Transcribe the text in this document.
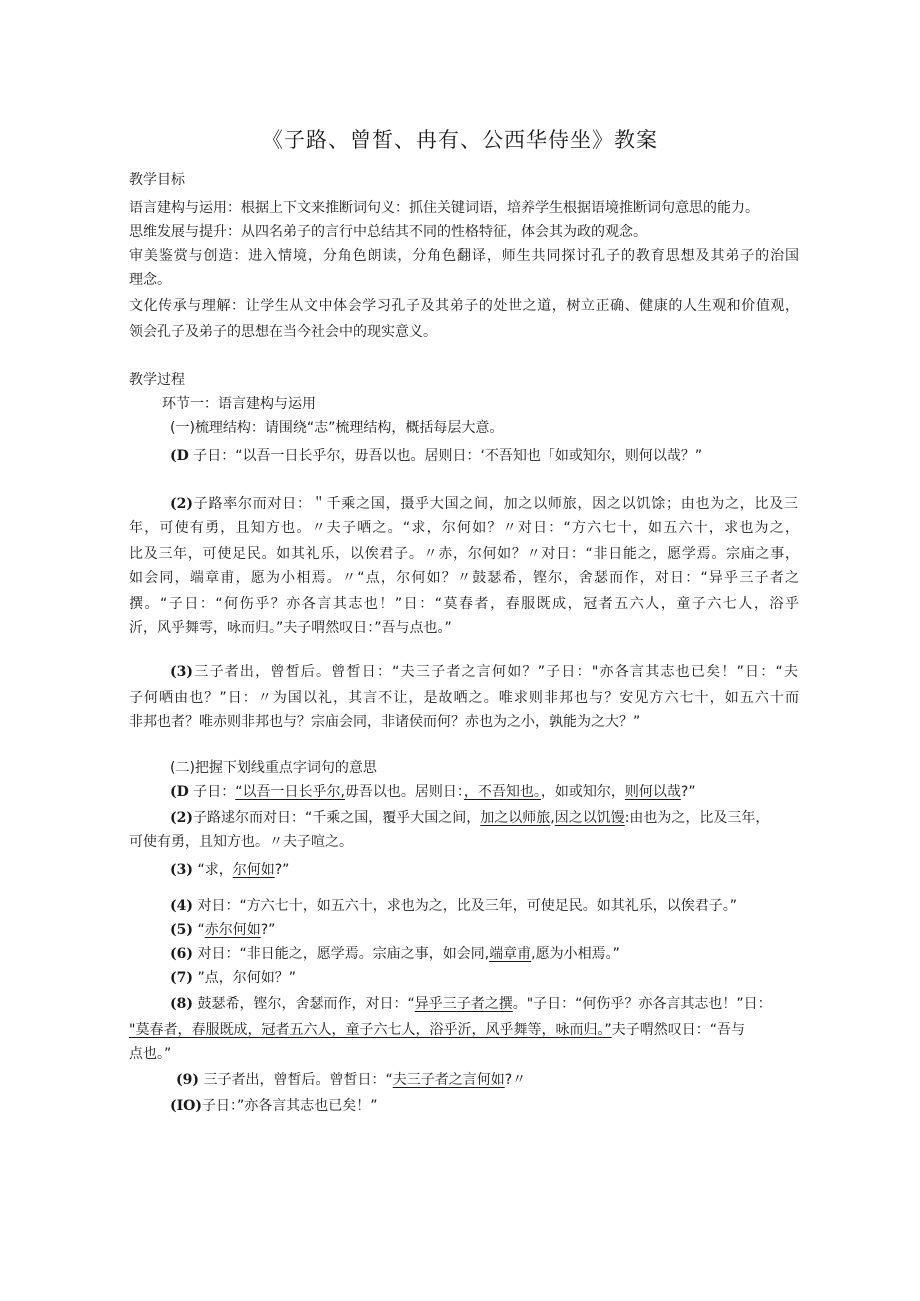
《子路、曾皙、冉有、公西华侍坐》教案
教学目标
语言建构与运用：根据上下文来推断词句义：抓住关键词语，培养学生根据语境推断词句意思的能力。
思维发展与提升：从四名弟子的言行中总结其不同的性格特征，体会其为政的观念。
审美鉴赏与创造：进入情境，分角色朗读，分角色翻译，师生共同探讨孔子的教育思想及其弟子的治国
理念。
文化传承与理解：让学生从文中体会学习孔子及其弟子的处世之道，树立正确、健康的人生观和价值观，
领会孔子及弟子的思想在当今社会中的现实意义。
教学过程
环节一：语言建构与运用
(一)梳理结构：请围绕“志”梳理结构，概括每层大意。
(D 子日：“以吾一日长乎尔，毋吾以也。居则日：‘不吾知也「如或知尔，则何以哉？”
(2)子路率尔而对日：＂千乘之国，摄乎大国之间，加之以师旅，因之以饥馀；由也为之，比及三
年，可使有勇，且知方也。〃夫子哂之。“求，尔何如？〃对日：“方六七十，如五六十，求也为之，
比及三年，可使足民。如其礼乐，以俟君子。〃赤，尔何如？〃对日：“非日能之，愿学焉。宗庙之事，
如会同，端章甫，愿为小相焉。〃“点，尔何如？〃鼓瑟希，铿尔，舍瑟而作，对日：“异乎三子者之
撰。“子日：“何伤乎？亦各言其志也！”日：“莫春者，春服既成，冠者五六人，童子六七人，浴乎
沂，风乎舞雩，咏而归。”夫子喟然叹日：”吾与点也。”
(3)三子者出，曾皙后。曾皙日：“夫三子者之言何如？”子日："亦各言其志也已矣！”日：“夫
子何哂由也？”日：〃为国以礼，其言不让，是故哂之。唯求则非邦也与？安见方六七十，如五六十而
非邦也者？唯赤则非邦也与？宗庙会同，非诸侯而何？赤也为之小，孰能为之大？”
(二)把握下划线重点字词句的意思
(D 子日：“以吾一日长乎尔,毋吾以也。居则日：，不吾知也。，如或知尔，则何以哉?”
(2)子路逑尔而对日：“千乘之国，覆乎大国之间，加之以师旅,因之以饥馒:由也为之，比及三年，
可使有勇，且知方也。〃夫子喧之。
(3) “求，尔何如?”
(4) 对日：“方六七十，如五六十，求也为之，比及三年，可使足民。如其礼乐，以俟君子。”
(5) “赤尔何如?”
(6) 对日：“非日能之，愿学焉。宗庙之事，如会同,端章甫,愿为小相焉。”
(7) ”点，尔何如？”
(8) 鼓瑟希，铿尔，舍瑟而作，对日：“异乎三子者之撰。"子日：“何伤乎？亦各言其志也！”日：
"莫春者，春服既成，冠者五六人，童子六七人，浴乎沂，风乎舞等，咏而归。”夫子喟然叹日：“吾与
点也。”
(9) 三子者出，曾皙后。曾皙日：“夫三子者之言何如?〃
(IO)子日：”亦各言其志也已矣！”
